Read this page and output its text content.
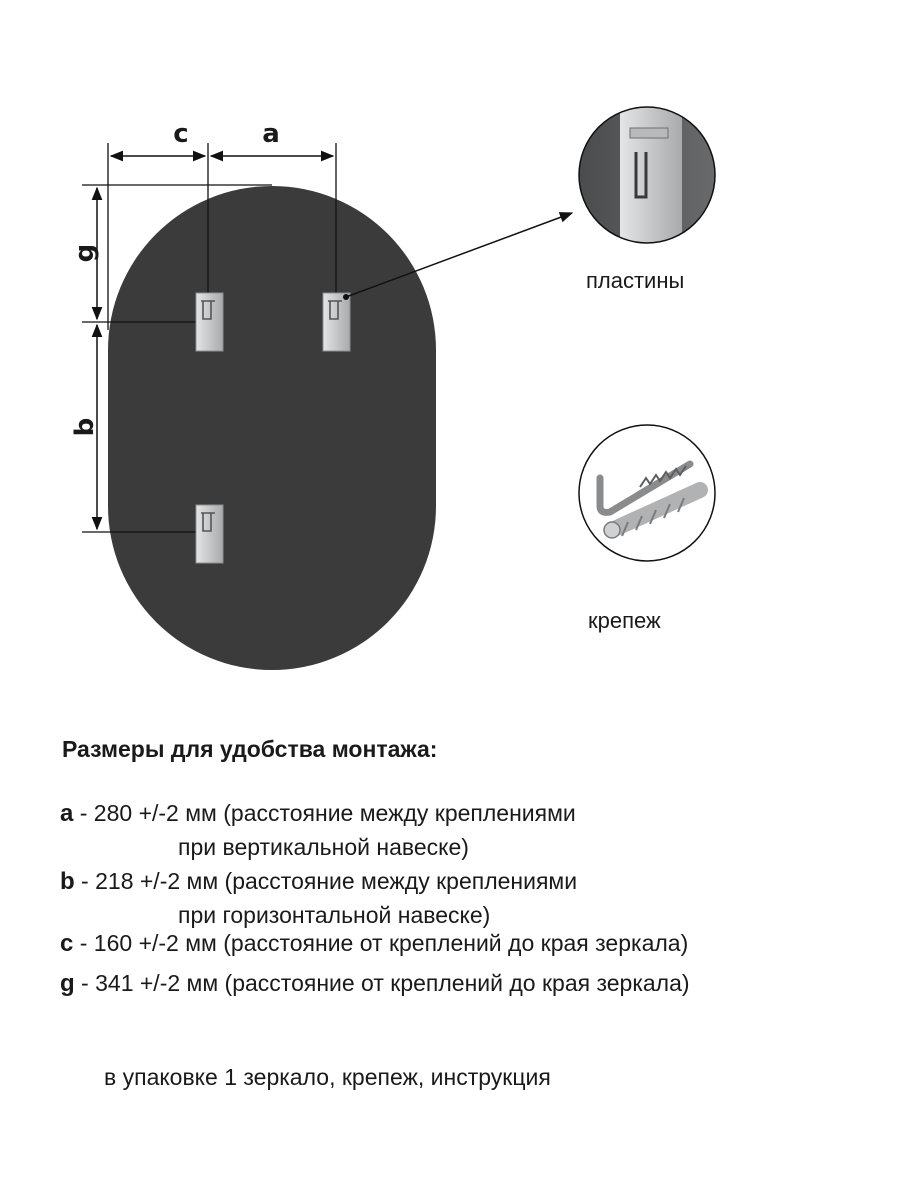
c	a
g
b
пластины
крепеж
Размеры для удобства монтажа:
a - 280 +/-2 мм (расстояние между креплениями
при вертикальной навеске)
b - 218 +/-2 мм (расстояние между креплениями
при горизонтальной навеске)
c - 160 +/-2 мм (расстояние от креплений до края зеркала)
g - 341 +/-2 мм (расстояние от креплений до края зеркала)
в упаковке 1 зеркало, крепеж, инструкция
